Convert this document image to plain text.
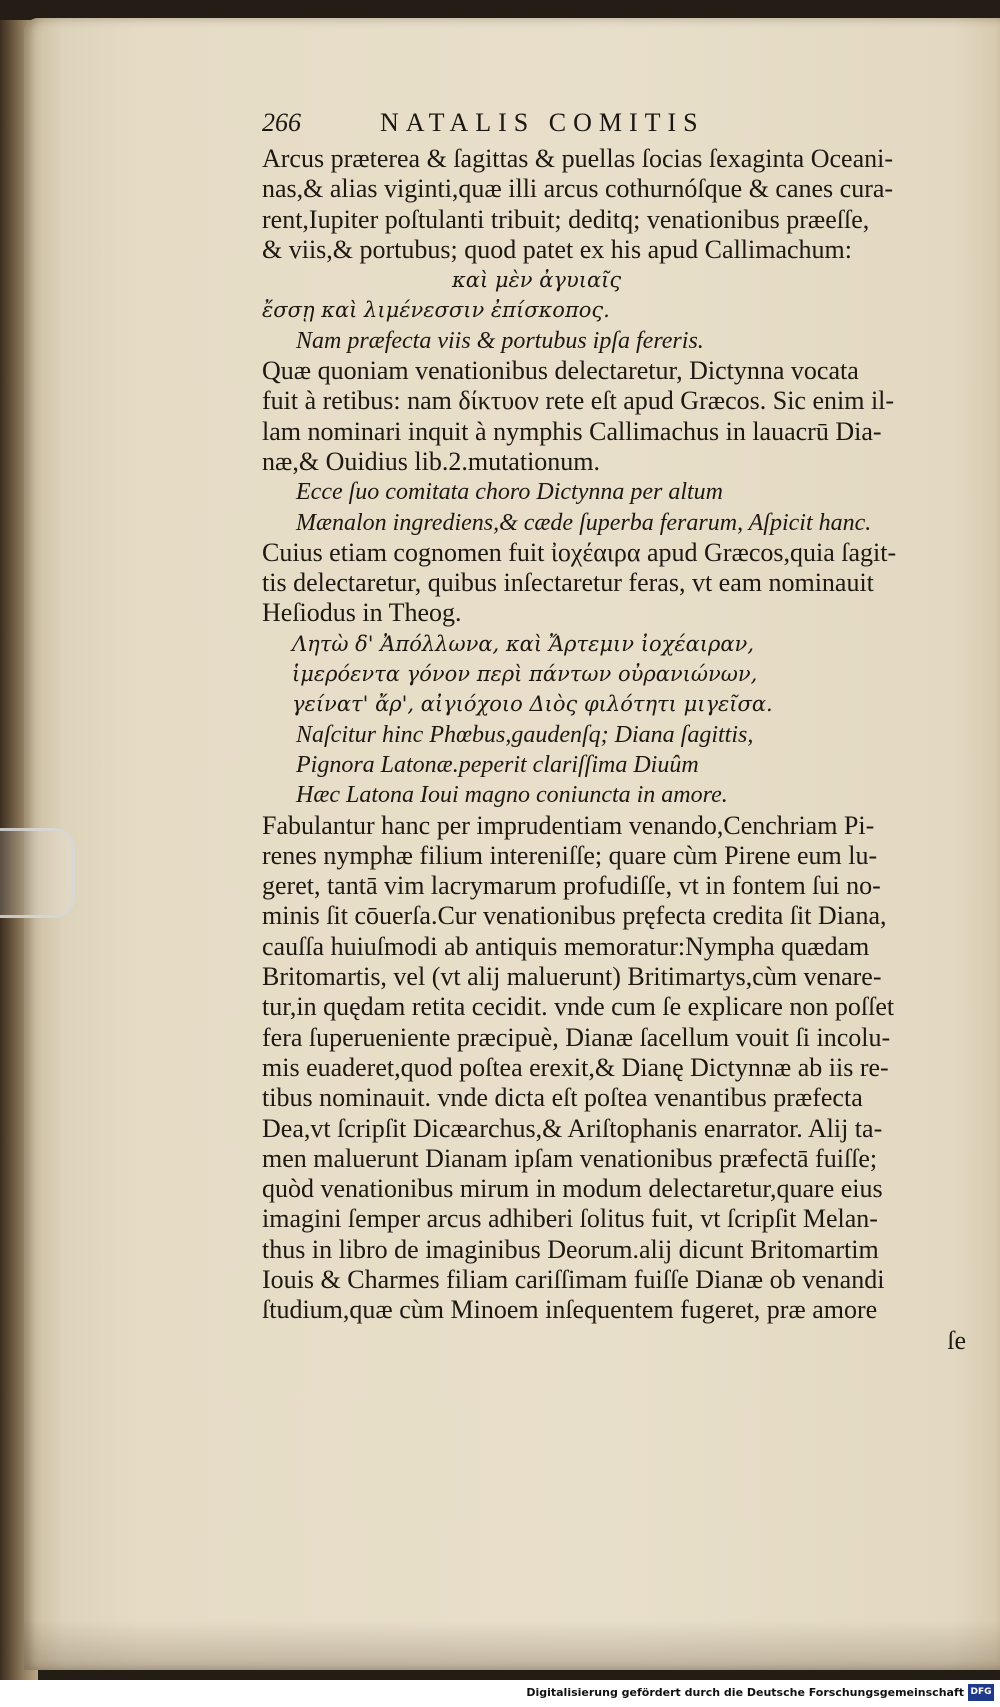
266	NATALIS COMITIS
Arcus præterea & ſagittas & puellas ſocias ſexaginta Oceani-
nas,& alias viginti,quæ illi arcus cothurnóſque & canes cura-
rent,Iupiter poſtulanti tribuit; deditq; venationibus præeſſe,
& viis,& portubus; quod patet ex his apud Callimachum:
καὶ μὲν ἀγυιαῖς
ἔσσῃ καὶ λιμένεσσιν ἐπίσκοπος.
Nam præfecta viis & portubus ipſa fereris.
Quæ quoniam venationibus delectaretur, Dictynna vocata
fuit à retibus: nam δίκτυον rete eſt apud Græcos. Sic enim il-
lam nominari inquit à nymphis Callimachus in lauacrū Dia-
næ,& Ouidius lib.2.mutationum.
Ecce ſuo comitata choro Dictynna per altum
Mænalon ingrediens,& cæde ſuperba ferarum, Aſpicit hanc.
Cuius etiam cognomen fuit ἰοχέαιρα apud Græcos,quia ſagit-
tis delectaretur, quibus inſectaretur feras, vt eam nominauit
Heſiodus in Theog.
Λητὼ δ' Ἀπόλλωνα, καὶ Ἄρτεμιν ἰοχέαιραν,
ἱμερόεντα γόνον περὶ πάντων οὐρανιώνων,
γείνατ' ἄρ', αἰγιόχοιο Διὸς φιλότητι μιγεῖσα.
Naſcitur hinc Phœbus,gaudenſq; Diana ſagittis,
Pignora Latonæ.peperit clariſſima Diuûm
Hæc Latona Ioui magno coniuncta in amore.
Fabulantur hanc per imprudentiam venando,Cenchriam Pi-
renes nymphæ filium intereniſſe; quare cùm Pirene eum lu-
geret, tantā vim lacrymarum profudiſſe, vt in fontem ſui no-
minis ſit cōuerſa.Cur venationibus pręfecta credita ſit Diana,
cauſſa huiuſmodi ab antiquis memoratur:Nympha quædam
Britomartis, vel (vt alij maluerunt) Britimartys,cùm venare-
tur,in quędam retita cecidit. vnde cum ſe explicare non poſſet
fera ſuperueniente præcipuè, Dianæ ſacellum vouit ſi incolu-
mis euaderet,quod poſtea erexit,& Dianę Dictynnæ ab iis re-
tibus nominauit. vnde dicta eſt poſtea venantibus præfecta
Dea,vt ſcripſit Dicæarchus,& Ariſtophanis enarrator. Alij ta-
men maluerunt Dianam ipſam venationibus præfectā fuiſſe;
quòd venationibus mirum in modum delectaretur,quare eius
imagini ſemper arcus adhiberi ſolitus fuit, vt ſcripſit Melan-
thus in libro de imaginibus Deorum.alij dicunt Britomartim
Iouis & Charmes filiam cariſſimam fuiſſe Dianæ ob venandi
ſtudium,quæ cùm Minoem inſequentem fugeret, præ amore
ſe
Digitalisierung gefördert durch die Deutsche Forschungsgemeinschaft DFG
